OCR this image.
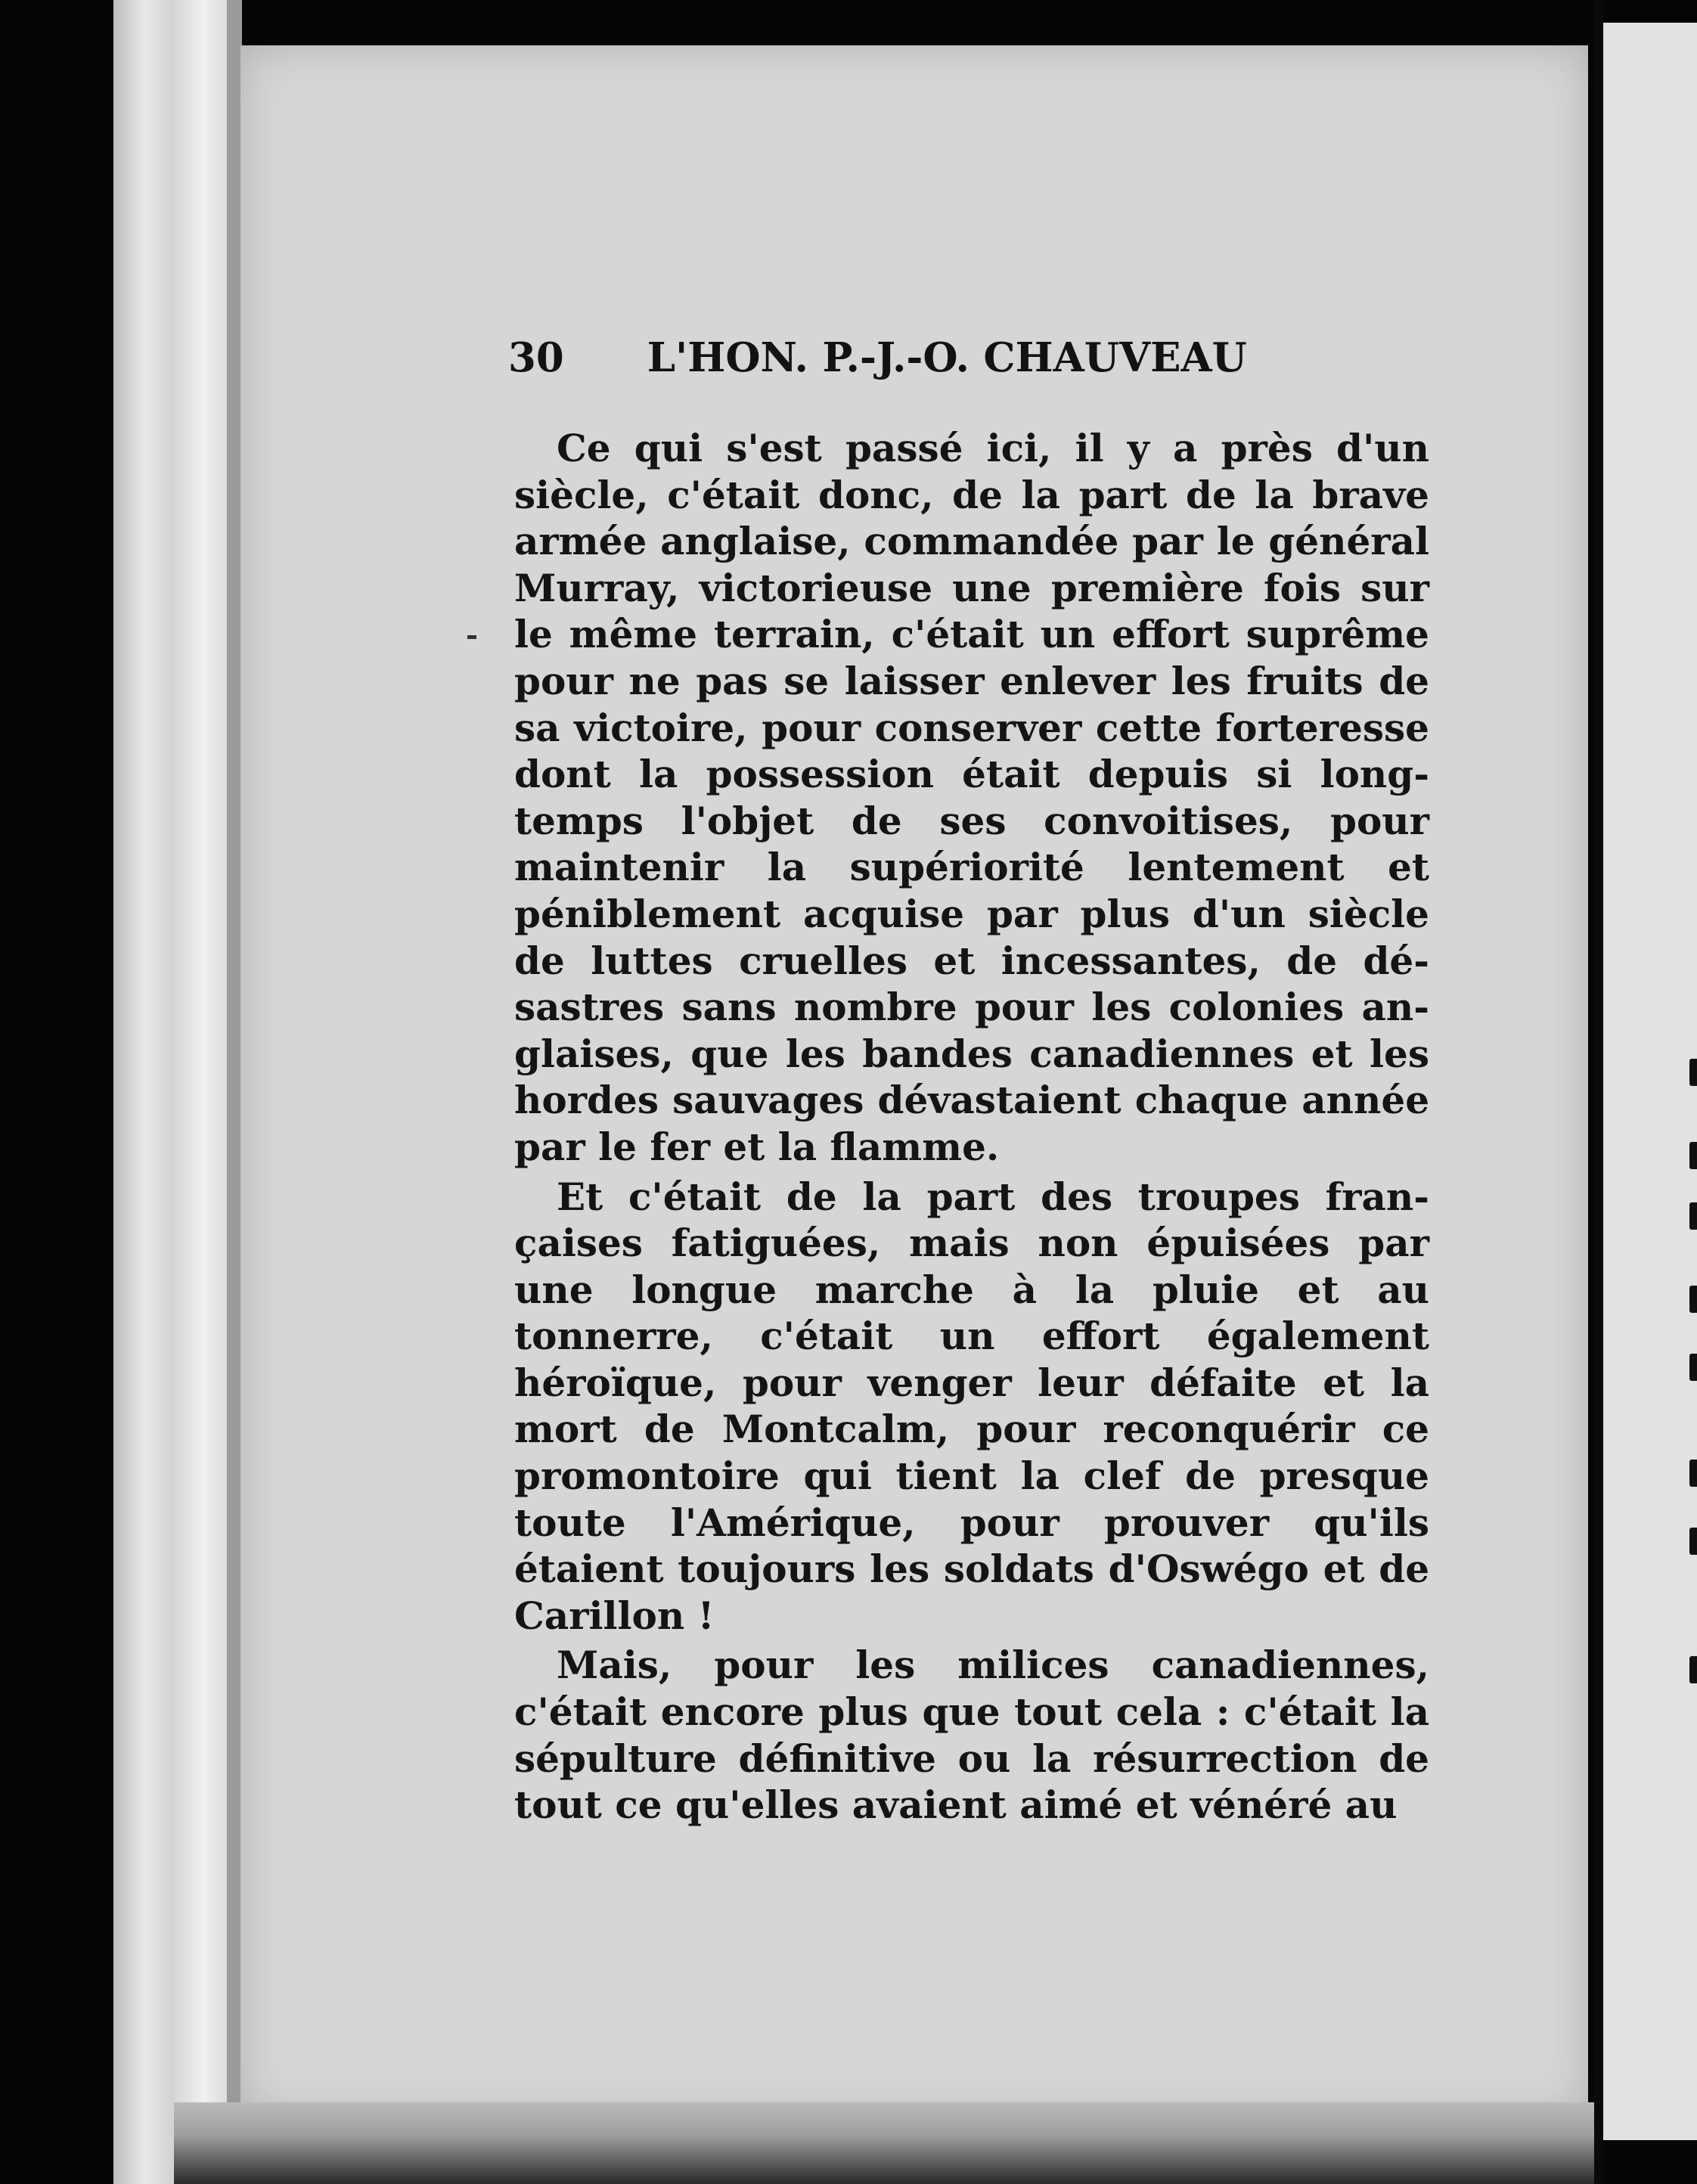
30 L'HON. P.-J.-O. CHAUVEAU

Ce qui s'est passé ici, il y a près d'un siècle, c'était donc, de la part de la brave armée anglaise, commandée par le général Murray, victorieuse une première fois sur le même terrain, c'était un effort suprême pour ne pas se laisser enlever les fruits de sa victoire, pour conserver cette forteresse dont la possession était depuis si longtemps l'objet de ses convoitises, pour maintenir la supériorité lentement et péniblement acquise par plus d'un siècle de luttes cruelles et incessantes, de désastres sans nombre pour les colonies anglaises, que les bandes canadiennes et les hordes sauvages dévastaient chaque année par le fer et la flamme.

Et c'était de la part des troupes françaises fatiguées, mais non épuisées par une longue marche à la pluie et au tonnerre, c'était un effort également héroïque, pour venger leur défaite et la mort de Montcalm, pour reconquérir ce promontoire qui tient la clef de presque toute l'Amérique, pour prouver qu'ils étaient toujours les soldats d'Oswégo et de Carillon !

Mais, pour les milices canadiennes, c'était encore plus que tout cela : c'était la sépulture définitive ou la résurrection de tout ce qu'elles avaient aimé et vénéré au
